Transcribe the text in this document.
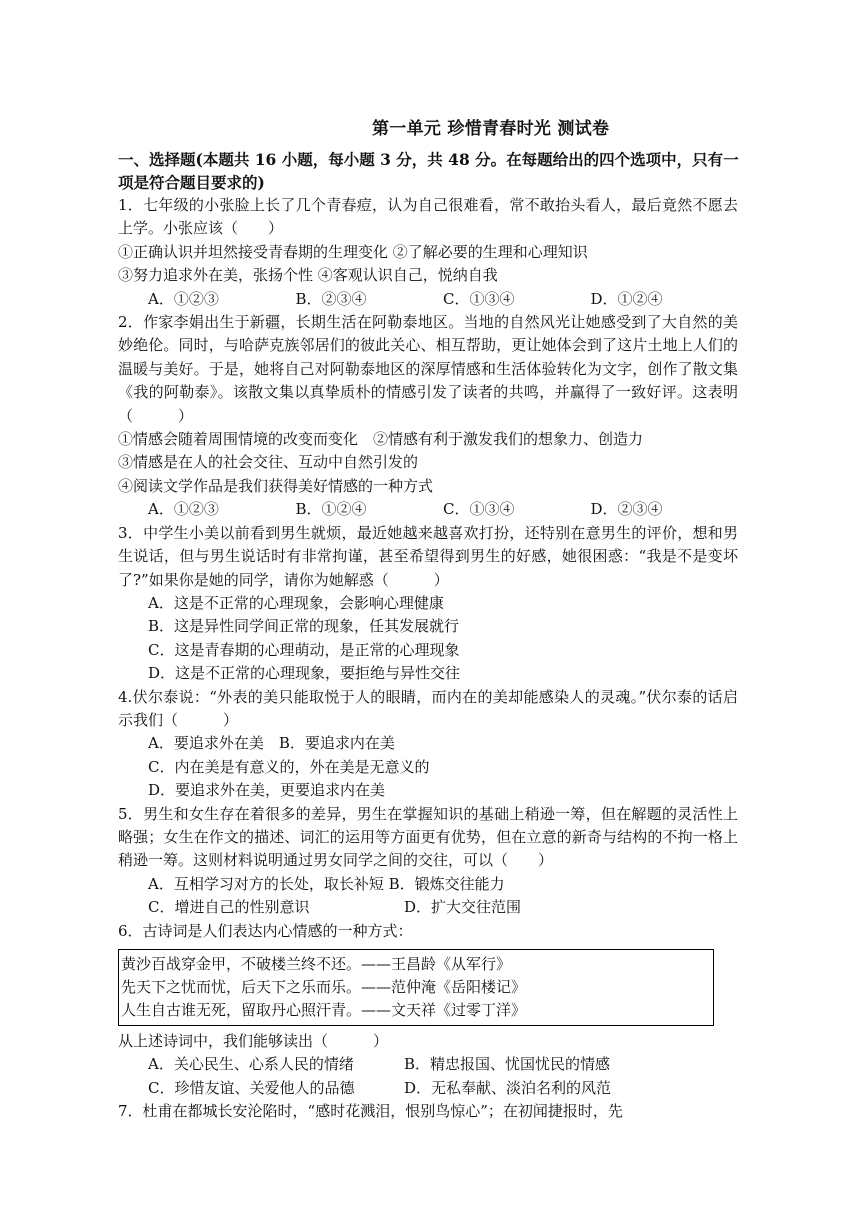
第一单元 珍惜青春时光 测试卷
一、选择题(本题共 16 小题，每小题 3 分，共 48 分。在每题给出的四个选项中，只有一项是符合题目要求的)

1．七年级的小张脸上长了几个青春痘，认为自己很难看，常不敢抬头看人，最后竟然不愿去上学。小张应该（　　）

①正确认识并坦然接受青春期的生理变化 ②了解必要的生理和心理知识

③努力追求外在美，张扬个性 ④客观认识自己，悦纳自我

A．①②③	B．②③④	C．①③④	D．①②④

2．作家李娟出生于新疆，长期生活在阿勒泰地区。当地的自然风光让她感受到了大自然的美妙绝伦。同时，与哈萨克族邻居们的彼此关心、相互帮助，更让她体会到了这片土地上人们的温暖与美好。于是，她将自己对阿勒泰地区的深厚情感和生活体验转化为文字，创作了散文集《我的阿勒泰》。该散文集以真挚质朴的情感引发了读者的共鸣，并赢得了一致好评。这表明（　　　）

①情感会随着周围情境的改变而变化　②情感有利于激发我们的想象力、创造力

③情感是在人的社会交往、互动中自然引发的

④阅读文学作品是我们获得美好情感的一种方式

A．①②③	B．①②④	C．①③④	D．②③④

3．中学生小美以前看到男生就烦，最近她越来越喜欢打扮，还特别在意男生的评价，想和男生说话，但与男生说话时有非常拘谨，甚至希望得到男生的好感，她很困惑：“我是不是变坏了?”如果你是她的同学，请你为她解惑（　　　）

A．这是不正常的心理现象，会影响心理健康
B．这是异性同学间正常的现象，任其发展就行
C．这是青春期的心理萌动，是正常的心理现象
D．这是不正常的心理现象，要拒绝与异性交往

4.伏尔泰说：“外表的美只能取悦于人的眼睛，而内在的美却能感染人的灵魂。”伏尔泰的话启示我们（　　　）

A．要追求外在美　B．要追求内在美
C．内在美是有意义的，外在美是无意义的
D．要追求外在美，更要追求内在美

5．男生和女生存在着很多的差异，男生在掌握知识的基础上稍逊一筹，但在解题的灵活性上略强；女生在作文的描述、词汇的运用等方面更有优势，但在立意的新奇与结构的不拘一格上稍逊一筹。这则材料说明通过男女同学之间的交往，可以（　　）

A．互相学习对方的长处，取长补短 B．锻炼交往能力
C．增进自己的性别意识	D．扩大交往范围

6．古诗词是人们表达内心情感的一种方式：

黄沙百战穿金甲，不破楼兰终不还。——王昌龄《从军行》

先天下之忧而忧，后天下之乐而乐。——范仲淹《岳阳楼记》

人生自古谁无死，留取丹心照汗青。——文天祥《过零丁洋》

从上述诗词中，我们能够读出（　　　）

A．关心民生、心系人民的情绪	B．精忠报国、忧国忧民的情感
C．珍惜友谊、关爱他人的品德	D．无私奉献、淡泊名利的风范

7．杜甫在都城长安沦陷时，“感时花溅泪，恨别鸟惊心”；在初闻捷报时，先
